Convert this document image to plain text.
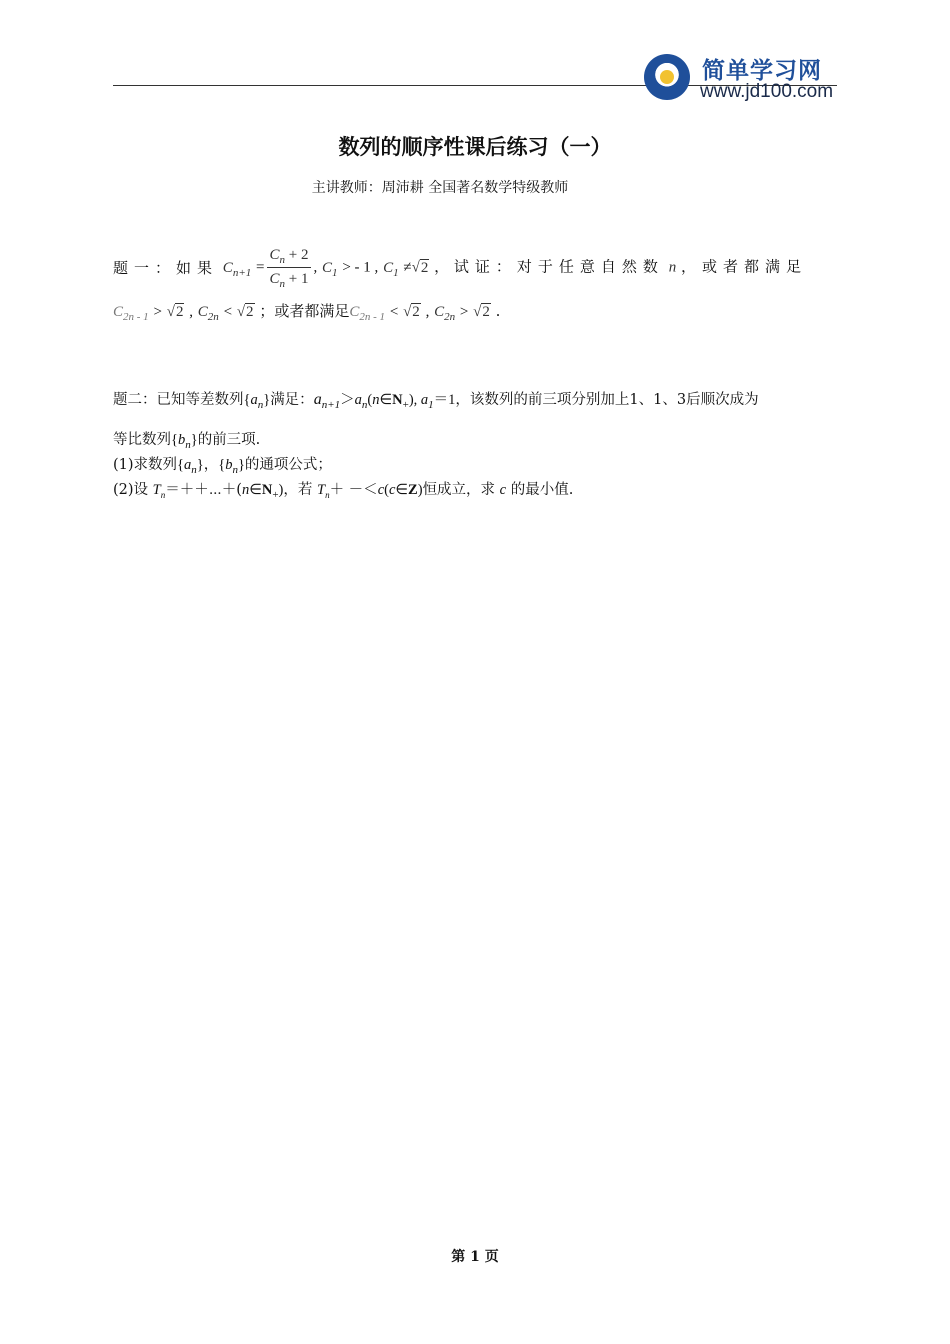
简单学习网
www.jd100.com
数列的顺序性课后练习（一）
主讲教师：周沛耕 全国著名数学特级教师
题一：如果 $C_{n+1} = \frac{C_n + 2}{C_n + 1}$ , $C_1$ > - 1 , $C_1 \ne√2$ ， 试证：对于任意自然数 n ，或者都满足
$C_{2n - 1} > √2$ , $C_{2n} < √2$ ；或者都满足$C_{2n - 1} < √2$ , $C_{2n} > √2$ .
题二：已知等差数列$\{a_n\}$满足：$a_{n+1}>a_n(n\in N_+)$, $a_1=1$，该数列的前三项分别加上1、1、3后顺次成为
等比数列$\{b_n\}$的前三项.
(1)求数列$\{a_n\}$，$\{b_n\}$的通项公式；
(2)设 $T_n=++\cdots+(n\in N_+)$，若 $T_n+$ －＜c(c∈Z)恒成立，求 c 的最小值.
第 1 页
